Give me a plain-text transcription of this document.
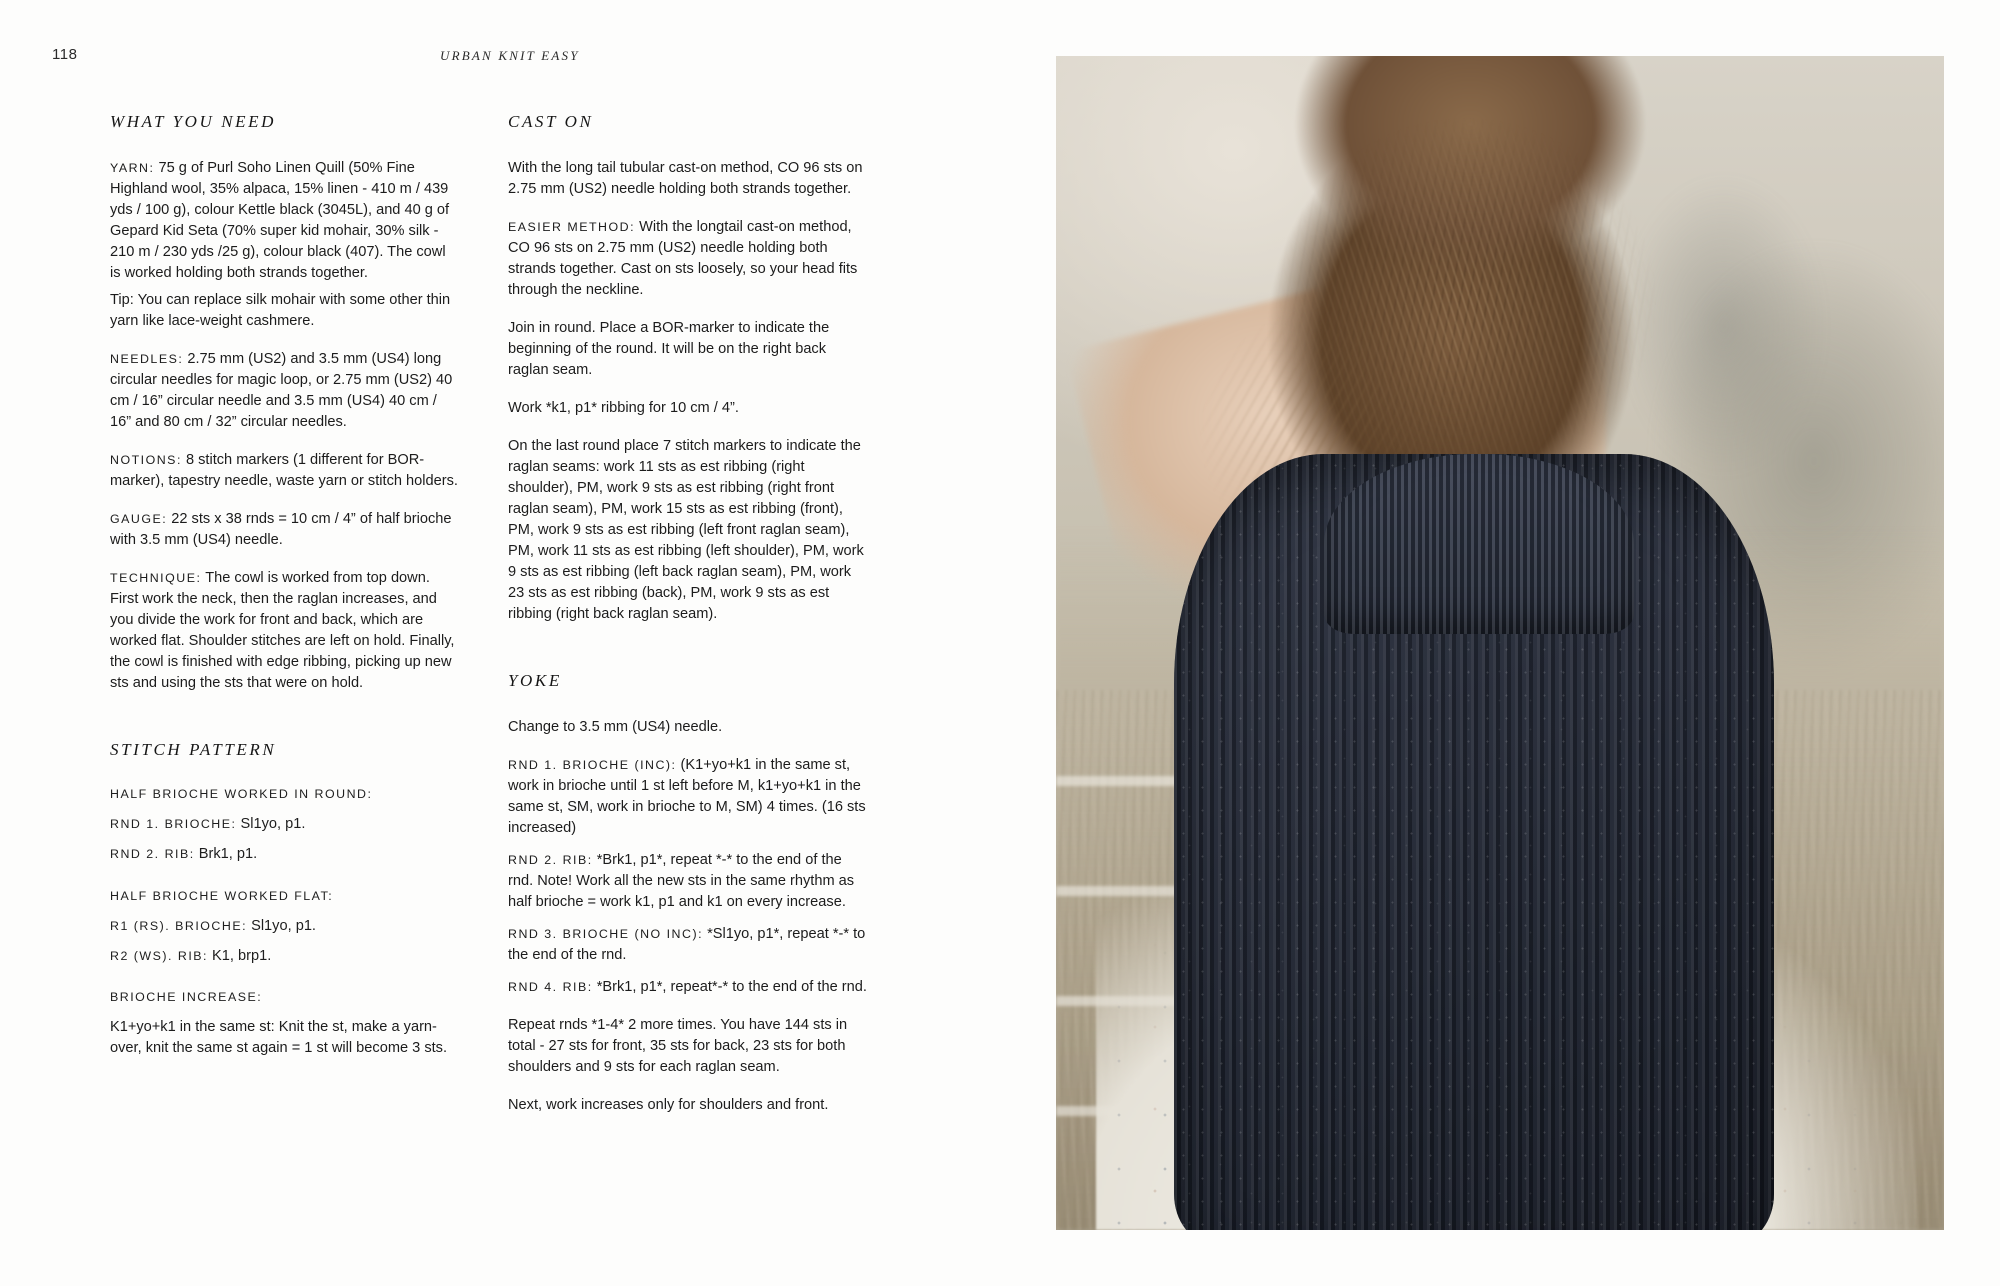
118	URBAN KNIT EASY
WHAT YOU NEED

YARN: 75 g of Purl Soho Linen Quill (50% Fine Highland wool, 35% alpaca, 15% linen - 410 m / 439 yds / 100 g), colour Kettle black (3045L), and 40 g of Gepard Kid Seta (70% super kid mohair, 30% silk - 210 m / 230 yds /25 g), colour black (407). The cowl is worked holding both strands together.

Tip: You can replace silk mohair with some other thin yarn like lace-weight cashmere.

NEEDLES: 2.75 mm (US2) and 3.5 mm (US4) long circular needles for magic loop, or 2.75 mm (US2) 40 cm / 16” circular needle and 3.5 mm (US4) 40 cm / 16” and 80 cm / 32” circular needles.

NOTIONS: 8 stitch markers (1 different for BOR-marker), tapestry needle, waste yarn or stitch holders.

GAUGE: 22 sts x 38 rnds = 10 cm / 4” of half brioche with 3.5 mm (US4) needle.

TECHNIQUE: The cowl is worked from top down. First work the neck, then the raglan increases, and you divide the work for front and back, which are worked flat. Shoulder stitches are left on hold. Finally, the cowl is finished with edge ribbing, picking up new sts and using the sts that were on hold.

STITCH PATTERN
HALF BRIOCHE WORKED IN ROUND:
RND 1. BRIOCHE: Sl1yo, p1.
RND 2. RIB: Brk1, p1.
HALF BRIOCHE WORKED FLAT:
R1 (RS). BRIOCHE: Sl1yo, p1.
R2 (WS). RIB: K1, brp1.
BRIOCHE INCREASE:

K1+yo+k1 in the same st: Knit the st, make a yarn-over, knit the same st again = 1 st will become 3 sts.

CAST ON

With the long tail tubular cast-on method, CO 96 sts on 2.75 mm (US2) needle holding both strands together.

EASIER METHOD: With the longtail cast-on method, CO 96 sts on 2.75 mm (US2) needle holding both strands together. Cast on sts loosely, so your head fits through the neckline.

Join in round. Place a BOR-marker to indicate the beginning of the round. It will be on the right back raglan seam.

Work *k1, p1* ribbing for 10 cm / 4”.

On the last round place 7 stitch markers to indicate the raglan seams: work 11 sts as est ribbing (right shoulder), PM, work 9 sts as est ribbing (right front raglan seam), PM, work 15 sts as est ribbing (front), PM, work 9 sts as est ribbing (left front raglan seam), PM, work 11 sts as est ribbing (left shoulder), PM, work 9 sts as est ribbing (left back raglan seam), PM, work 23 sts as est ribbing (back), PM, work 9 sts as est ribbing (right back raglan seam).

YOKE

Change to 3.5 mm (US4) needle.

RND 1. BRIOCHE (INC): (K1+yo+k1 in the same st, work in brioche until 1 st left before M, k1+yo+k1 in the same st, SM, work in brioche to M, SM) 4 times. (16 sts increased)

RND 2. RIB: *Brk1, p1*, repeat *-* to the end of the rnd. Note! Work all the new sts in the same rhythm as half brioche = work k1, p1 and k1 on every increase.

RND 3. BRIOCHE (NO INC): *Sl1yo, p1*, repeat *-* to the end of the rnd.

RND 4. RIB: *Brk1, p1*, repeat*-* to the end of the rnd.

Repeat rnds *1-4* 2 more times. You have 144 sts in total - 27 sts for front, 35 sts for back, 23 sts for both shoulders and 9 sts for each raglan seam.

Next, work increases only for shoulders and front.
